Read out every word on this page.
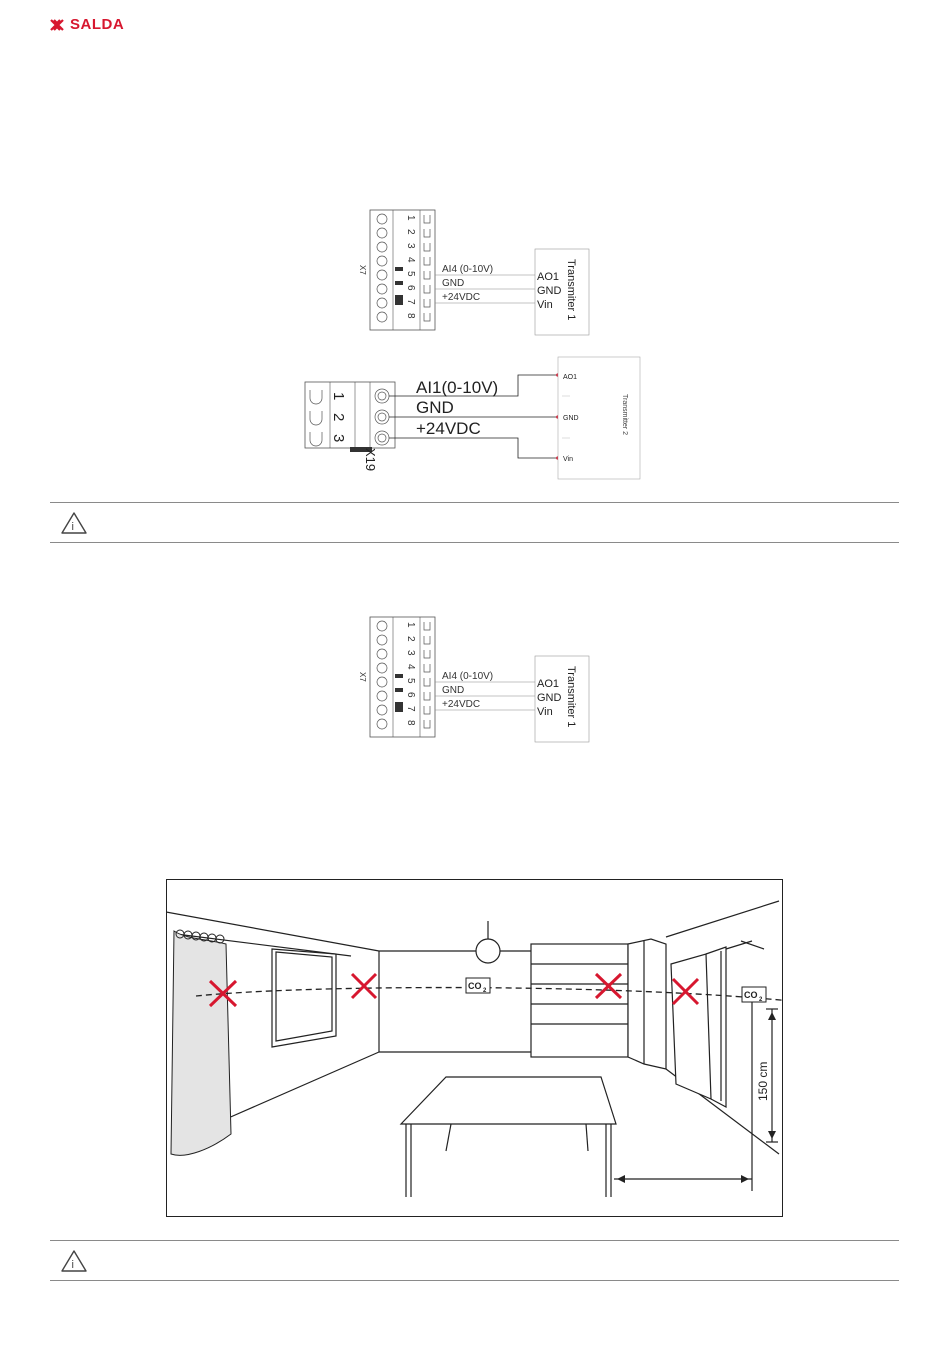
SALDA
1
2
3
4
5
6
7
8
X7	AI4 (0-10V)
GND
+24VDC
AO1
GND
Vin Transmiter 1
1
2
3
X19
AI1(0-10V)
GND
+24VDC
AO1
GND
Vin
Transmitter 2
i
1
2
3
4
5
6
7
8
X7	AI4 (0-10V)
GND
+24VDC
AO1
GND
Vin Transmiter 1
CO 2	CO 2
150 cm
i
